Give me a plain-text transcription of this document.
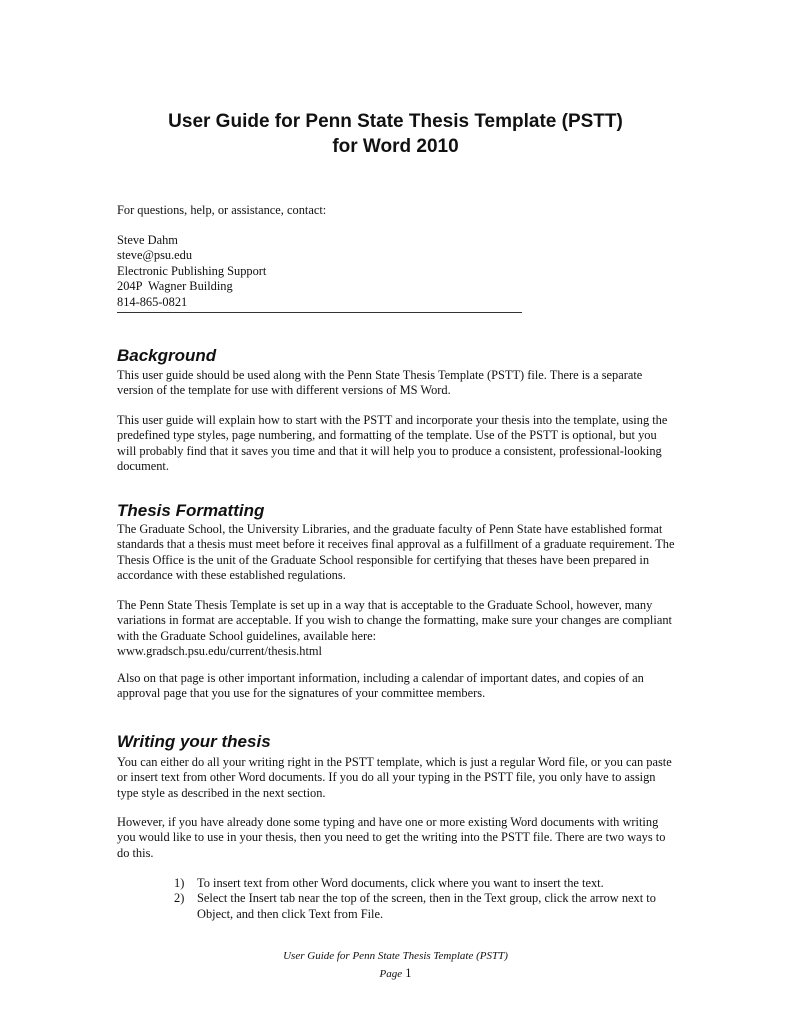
User Guide for Penn State Thesis Template (PSTT)
for Word 2010
For questions, help, or assistance, contact:

Steve Dahm

steve@psu.edu

Electronic Publishing Support

204P  Wagner Building

814-865-0821

Background
This user guide should be used along with the Penn State Thesis Template (PSTT) file. There is a separate version of the template for use with different versions of MS Word.
This user guide will explain how to start with the PSTT and incorporate your thesis into the template, using the predefined type styles, page numbering, and formatting of the template. Use of the PSTT is optional, but you will probably find that it saves you time and that it will help you to produce a consistent, professional-looking document.
Thesis Formatting
The Graduate School, the University Libraries, and the graduate faculty of Penn State have established format standards that a thesis must meet before it receives final approval as a fulfillment of a graduate requirement. The Thesis Office is the unit of the Graduate School responsible for certifying that theses have been prepared in accordance with these established regulations.

The Penn State Thesis Template is set up in a way that is acceptable to the Graduate School, however, many variations in format are acceptable. If you wish to change the formatting, make sure your changes are compliant with the Graduate School guidelines, available here:

www.gradsch.psu.edu/current/thesis.html

Also on that page is other important information, including a calendar of important dates, and copies of an approval page that you use for the signatures of your committee members.
Writing your thesis
You can either do all your writing right in the PSTT template, which is just a regular Word file, or you can paste or insert text from other Word documents. If you do all your typing in the PSTT file, you only have to assign type style as described in the next section.
However, if you have already done some typing and have one or more existing Word documents with writing you would like to use in your thesis, then you need to get the writing into the PSTT file. There are two ways to do this.
1) To insert text from other Word documents, click where you want to insert the text.
2) Select the Insert tab near the top of the screen, then in the Text group, click the arrow next to Object, and then click Text from File.
User Guide for Penn State Thesis Template (PSTT)
Page 1
